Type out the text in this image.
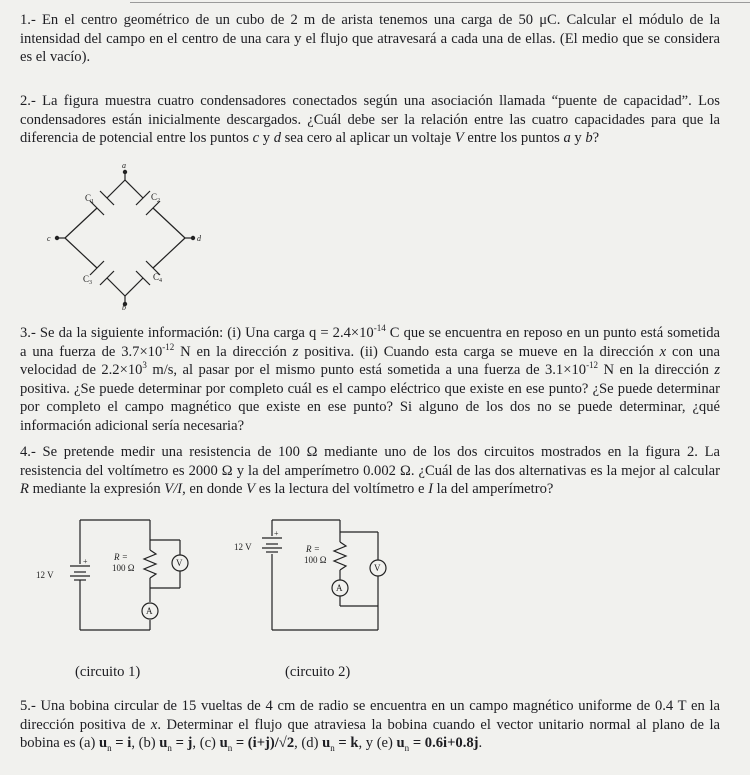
1.- En el centro geométrico de un cubo de 2 m de arista tenemos una carga de 50 μC. Calcular el módulo de la intensidad del campo en el centro de una cara y el flujo que atravesará a cada una de ellas. (El medio que se considera es el vacío).

2.- La figura muestra cuatro condensadores conectados según una asociación llamada “puente de capacidad”. Los condensadores están inicialmente descargados. ¿Cuál debe ser la relación entre las cuatro capacidades para que la diferencia de potencial entre los puntos c y d sea cero al aplicar un voltaje V entre los puntos a y b?

a
b
c	d
$C_1$	$C_2$
$C_3$
$C_4$

3.- Se da la siguiente información: (i) Una carga $q = 2.4\times 10^{-14}$ C que se encuentra en reposo en un punto está sometida a una fuerza de $3.7\times 10^{-12}$ N en la dirección z positiva. (ii) Cuando esta carga se mueve en la dirección x con una velocidad de $2.2\times 10^3$ m/s, al pasar por el mismo punto está sometida a una fuerza de $3.1\times 10^{-12}$ N en la dirección z positiva. ¿Se puede determinar por completo cuál es el campo eléctrico que existe en ese punto? ¿Se puede determinar por completo el campo magnético que existe en ese punto? Si alguno de los dos no se puede determinar, ¿qué información adicional sería necesaria?

4.- Se pretende medir una resistencia de 100 Ω mediante uno de los dos circuitos mostrados en la figura 2. La resistencia del voltímetro es 2000 Ω y la del amperímetro 0.002 Ω. ¿Cuál de las dos alternativas es la mejor al calcular R mediante la expresión V/I, en donde V es la lectura del voltímetro e I la del amperímetro?

12 V
+	R =
100 Ω	V
A
(circuito 1)
12 V
+
R =
100 Ω
V
A
(circuito 2)

5.- Una bobina circular de 15 vueltas de 4 cm de radio se encuentra en un campo magnético uniforme de 0.4 T en la dirección positiva de x. Determinar el flujo que atraviesa la bobina cuando el vector unitario normal al plano de la bobina es (a) $u_n = i$, (b) $u_n = j$, (c) $u_n = (i+j)/√2$, (d) $u_n = k$, y (e) $u_n = 0.6i+0.8j$.
